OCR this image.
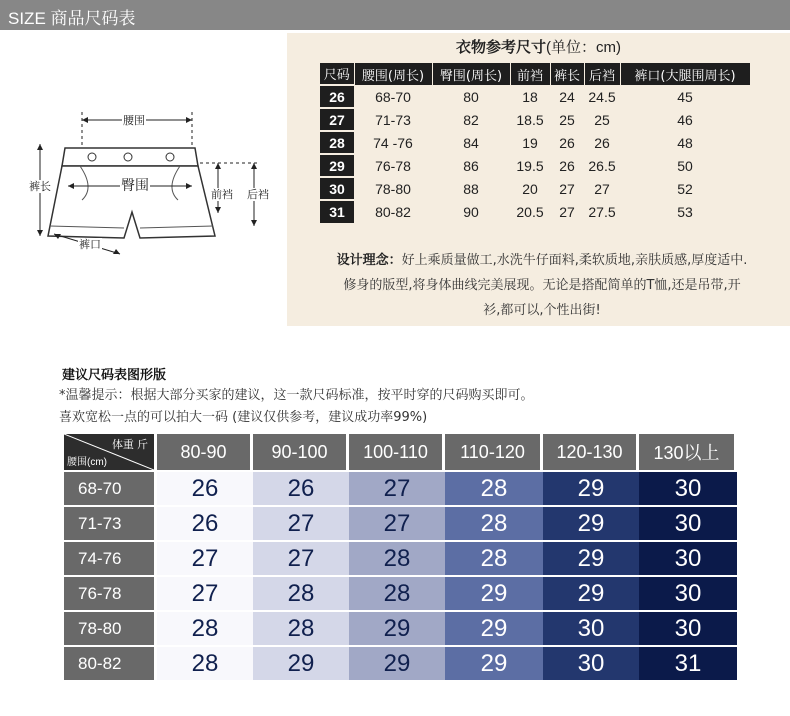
SIZE 商品尺码表
腰围
臀围
裤长
前裆 后裆
裤口
衣物参考尺寸(单位：cm)
尺码	腰围(周长)	臀围(周长)	前裆	裤长	后裆	裤口(大腿围周长)
26	68-70	80	18	24	24.5	45
27	71-73	82	18.5	25	25	46
28	74 -76	84	19	26	26	48
29	76-78	86	19.5	26	26.5	50
30	78-80	88	20	27	27	52
31	80-82	90	20.5	27	27.5	53
设计理念：好上乘质量做工,水洗牛仔面料,柔软质地,亲肤质感,厚度适中.
修身的版型,将身体曲线完美展现。无论是搭配简单的T恤,还是吊带,开
衫,都可以,个性出街!
建议尺码表图形版
*温馨提示：根据大部分买家的建议，这一款尺码标准，按平时穿的尺码购买即可。
喜欢宽松一点的可以拍大一码 (建议仅供参考，建议成功率99%)
体重 斤
腰围(cm)	80-90	90-100	100-110	110-120	120-130	130以上
68-70	26	26	27	28	29	30
71-73	26	27	27	28	29	30
74-76	27	27	28	28	29	30
76-78	27	28	28	29	29	30
78-80	28	28	29	29	30	30
80-82	28	29	29	29	30	31
